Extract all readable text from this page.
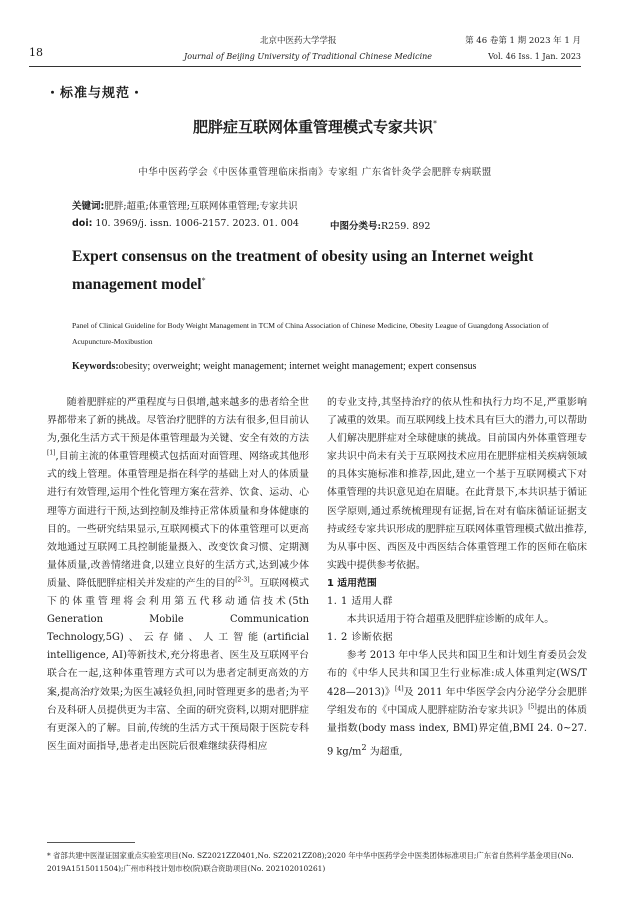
18
北京中医药大学学报
Journal of Beijing University of Traditional Chinese Medicine
第 46 卷第 1 期 2023 年 1 月
Vol. 46 Iss. 1 Jan. 2023
・标准与规范・
肥胖症互联网体重管理模式专家共识*
中华中医药学会《中医体重管理临床指南》专家组 广东省针灸学会肥胖专病联盟
关键词:肥胖;超重;体重管理;互联网体重管理;专家共识
doi: 10. 3969/j. issn. 1006-2157. 2023. 01. 004	中图分类号:R259. 892
Expert consensus on the treatment of obesity using an Internet weight management model*
Panel of Clinical Guideline for Body Weight Management in TCM of China Association of Chinese Medicine, Obesity League of Guangdong Association of Acupuncture-Moxibustion
Keywords:obesity; overweight; weight management; internet weight management; expert consensus

随着肥胖症的严重程度与日俱增,越来越多的患者给全世界都带来了新的挑战。尽管治疗肥胖的方法有很多,但目前认为,强化生活方式干预是体重管理最为关键、安全有效的方法[1],目前主流的体重管理模式包括面对面管理、网络或其他形式的线上管理。体重管理是指在科学的基础上对人的体质量进行有效管理,运用个性化管理方案在营养、饮食、运动、心理等方面进行干预,达到控制及维持正常体质量和身体健康的目的。一些研究结果显示,互联网模式下的体重管理可以更高效地通过互联网工具控制能量摄入、改变饮食习惯、定期测量体质量,改善情绪进食,以建立良好的生活方式,达到减少体质量、降低肥胖症相关并发症的产生的目的[2-3]。互联网模式下的体重管理将会利用第五代移动通信技术(5th Generation Mobile Communication Technology,5G)、云存储、人工智能(artificial intelligence, AI)等新技术,充分将患者、医生及互联网平台联合在一起,这种体重管理方式可以为患者定制更高效的方案,提高治疗效果;为医生减轻负担,同时管理更多的患者;为平台及科研人员提供更为丰富、全面的研究资料,以期对肥胖症有更深入的了解。目前,传统的生活方式干预局限于医院专科医生面对面指导,患者走出医院后很难继续获得相应

的专业支持,其坚持治疗的依从性和执行力均不足,严重影响了减重的效果。而互联网线上技术具有巨大的潜力,可以帮助人们解决肥胖症对全球健康的挑战。目前国内外体重管理专家共识中尚未有关于互联网技术应用在肥胖症相关疾病领域的具体实施标准和推荐,因此,建立一个基于互联网模式下对体重管理的共识意见迫在眉睫。在此背景下,本共识基于循证医学原则,通过系统梳理现有证据,旨在对有临床循证证据支持或经专家共识形成的肥胖症互联网体重管理模式做出推荐,为从事中医、西医及中西医结合体重管理工作的医师在临床实践中提供参考依据。

1 适用范围

1. 1 适用人群

本共识适用于符合超重及肥胖症诊断的成年人。

1. 2 诊断依据

参考 2013 年中华人民共和国卫生和计划生育委员会发布的《中华人民共和国卫生行业标准:成人体重判定(WS/T 428—2013)》[4]及 2011 年中华医学会内分泌学分会肥胖学组发布的《中国成人肥胖症防治专家共识》[5]提出的体质量指数(body mass index, BMI)界定值,BMI 24. 0~27. 9 $kg/m^2$ 为超重,

* 省部共建中医湿证国家重点实验室项目(No. SZ2021ZZ0401,No. SZ2021ZZ08);2020 年中华中医药学会中医类团体标准项目;广东省自然科学基金项目(No. 2019A1515011504);广州市科技计划市校(院)联合资助项目(No. 202102010261)
